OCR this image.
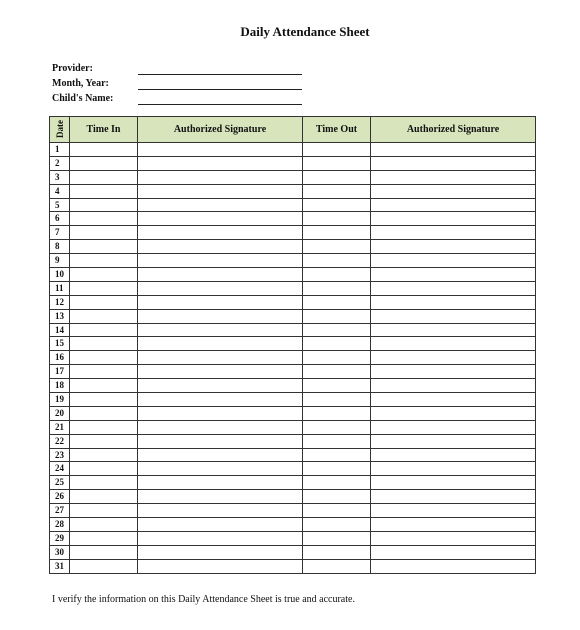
Daily Attendance Sheet
Provider:
Month, Year:
Child's Name:
Date	Time In	Authorized Signature	Time Out	Authorized Signature
1				
2				
3				
4				
5				
6				
7				
8				
9				
10				
11				
12				
13				
14				
15				
16				
17				
18				
19				
20				
21				
22				
23				
24				
25				
26				
27				
28				
29				
30				
31				
I verify the information on this Daily Attendance Sheet is true and accurate.
